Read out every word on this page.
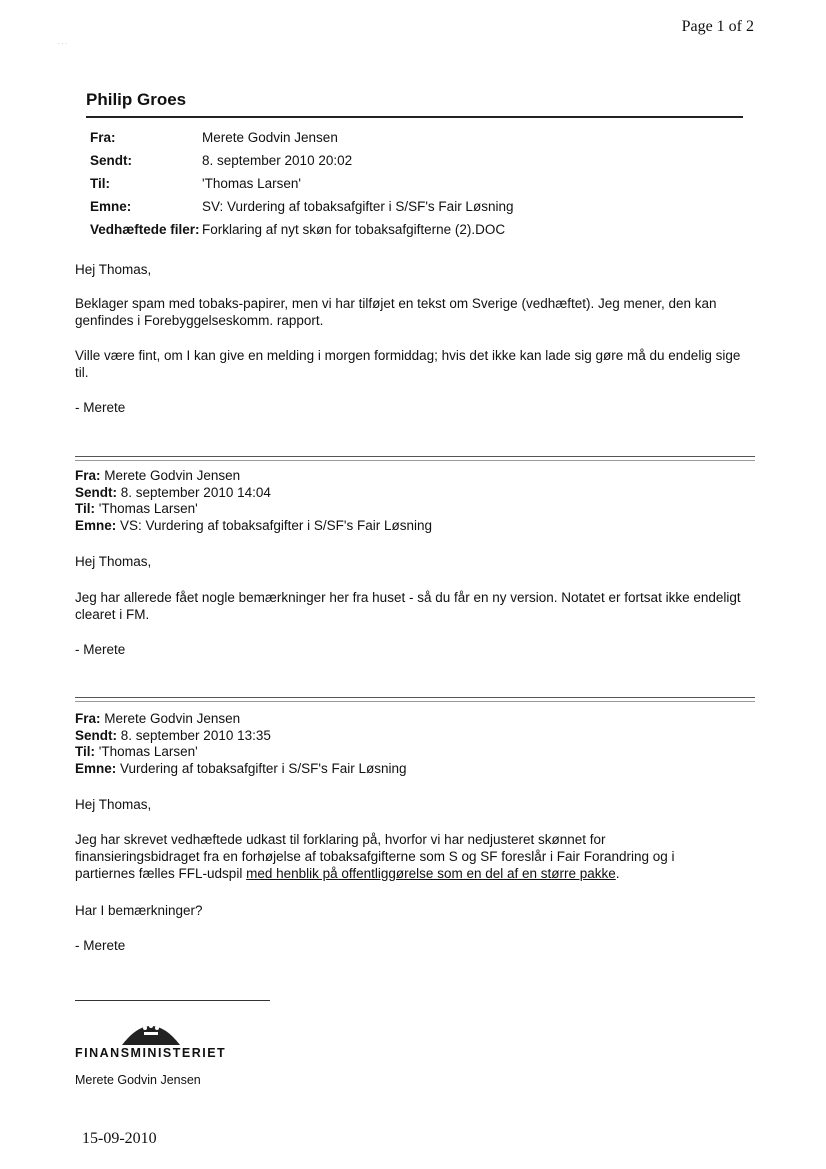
Page 1 of 2
...
Philip Groes
Fra:	Merete Godvin Jensen
Sendt:	8. september 2010 20:02
Til:	'Thomas Larsen'
Emne:	SV: Vurdering af tobaksafgifter i S/SF's Fair Løsning
Vedhæftede filer: Forklaring af nyt skøn for tobaksafgifterne (2).DOC
Hej Thomas,

Beklager spam med tobaks-papirer, men vi har tilføjet en tekst om Sverige (vedhæftet). Jeg mener, den kan genfindes i Forebyggelseskomm. rapport.

Ville være fint, om I kan give en melding i morgen formiddag; hvis det ikke kan lade sig gøre må du endelig sige til.

- Merete
Fra: Merete Godvin Jensen
Sendt: 8. september 2010 14:04
Til: 'Thomas Larsen'
Emne: VS: Vurdering af tobaksafgifter i S/SF's Fair Løsning
Hej Thomas,

Jeg har allerede fået nogle bemærkninger her fra huset - så du får en ny version. Notatet er fortsat ikke endeligt clearet i FM.

- Merete
Fra: Merete Godvin Jensen
Sendt: 8. september 2010 13:35
Til: 'Thomas Larsen'
Emne: Vurdering af tobaksafgifter i S/SF's Fair Løsning
Hej Thomas,

Jeg har skrevet vedhæftede udkast til forklaring på, hvorfor vi har nedjusteret skønnet for finansieringsbidraget fra en forhøjelse af tobaksafgifterne som S og SF foreslår i Fair Forandring og i partiernes fælles FFL-udspil med henblik på offentliggørelse som en del af en større pakke.

Har I bemærkninger?
- Merete
FINANSMINISTERIET
Merete Godvin Jensen
15-09-2010
